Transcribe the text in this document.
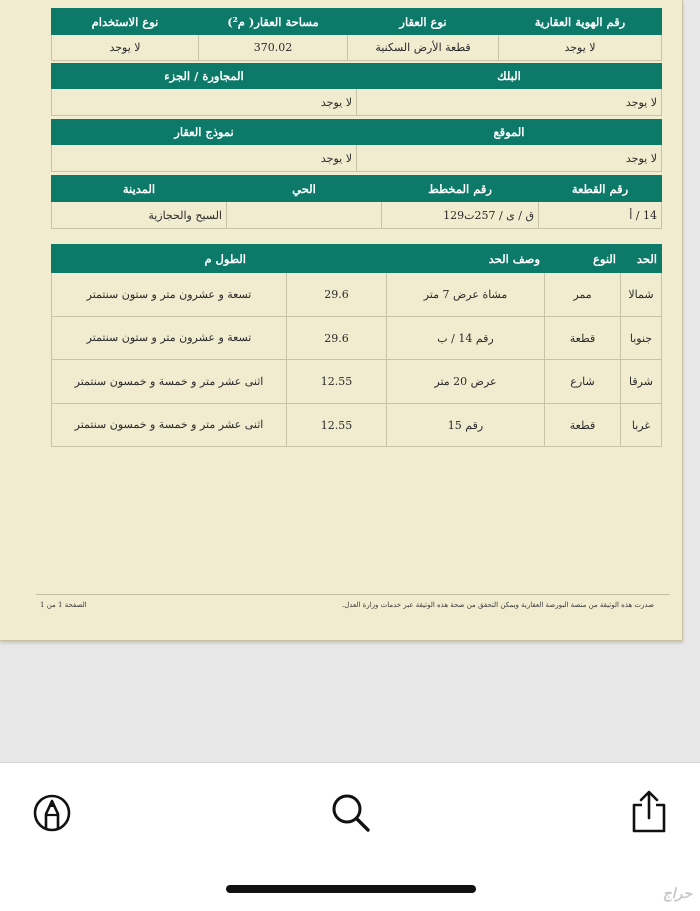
رقم الهوية العقارية	نوع العقار	مساحة العقار( م²)	نوع الاستخدام
لا يوجد	قطعة الأرض السكنية	370.02	لا يوجد
البلك	المجاورة / الجزء
لا يوجد	لا يوجد
الموقع	نموذج العقار
لا يوجد	لا يوجد
رقم القطعة	رقم المخطط	الحي	المدينة
14 / أ	ق / ى / 257ت129		السيح والحجازية
الحد	النوع	وصف الحد	الطول م	
شمالا	ممر	مشاة عرض 7 متر	29.6	تسعة و عشرون متر و ستون سنتمتر
جنوبا	قطعة	رقم 14 / ب	29.6	تسعة و عشرون متر و ستون سنتمتر
شرقا	شارع	عرض 20 متر	12.55	اثنى عشر متر و خمسة و خمسون سنتمتر
غربا	قطعة	رقم 15	12.55	اثنى عشر متر و خمسة و خمسون سنتمتر
صدرت هذه الوثيقة من منصة البورصة العقارية ويمكن التحقق من صحة هذه الوثيقة عبر خدمات وزارة العدل.
الصفحة 1 من 1
حراج
